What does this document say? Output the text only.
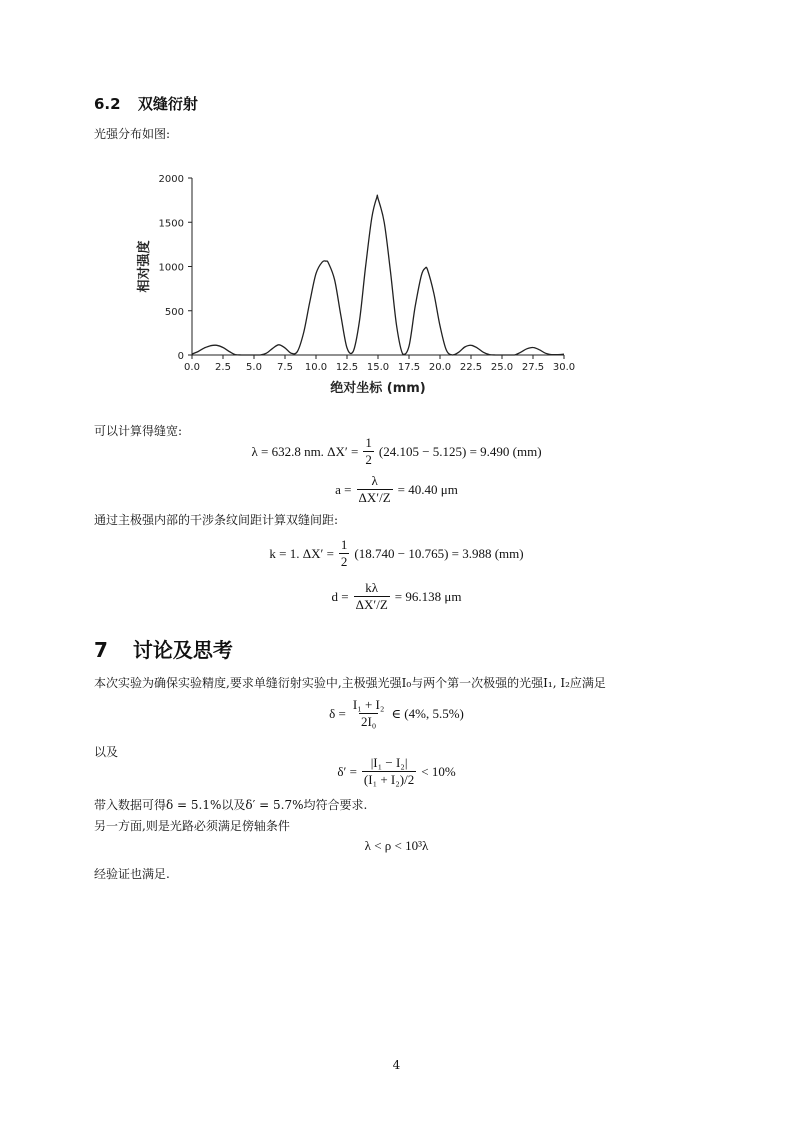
6.2 双缝衍射
光强分布如图:
0.0 2.5 5.0 7.5 10.0 12.5 15.0 17.5 20.0 22.5 25.0 27.5 30.0
0
500
1000
1500
2000
绝对坐标 (mm)
相对强度
可以计算得缝宽:
λ = 632.8 nm. $\Delta X' = \frac{1}{2} (24.105 - 5.125) = 9.490$ (mm)
$a = \frac{\lambda}{\Delta X'/Z} = 40.40$ μm
通过主极强内部的干涉条纹间距计算双缝间距:
k = 1. $\Delta X' = \frac{1}{2} (18.740 - 10.765) = 3.988$ (mm)
$d = \frac{k\lambda}{\Delta X'/Z} = 96.138$ μm
7 讨论及思考
本次实验为确保实验精度,要求单缝衍射实验中,主极强光强I₀与两个第一次极强的光强I₁, I₂应满足
$\delta = \frac{\text{I₁ + I₂}}{\text{2I₀}}$ ∈ (4%, 5.5%)
以及
$\delta' = \frac{\text{|I₁ − I₂|}}{\text{(I₁ + I₂)/2}} < 10\%$
带入数据可得δ = 5.1%以及δ′ = 5.7%均符合要求.
另一方面,则是光路必须满足傍轴条件
λ < ρ < 10³λ
经验证也满足.
4
